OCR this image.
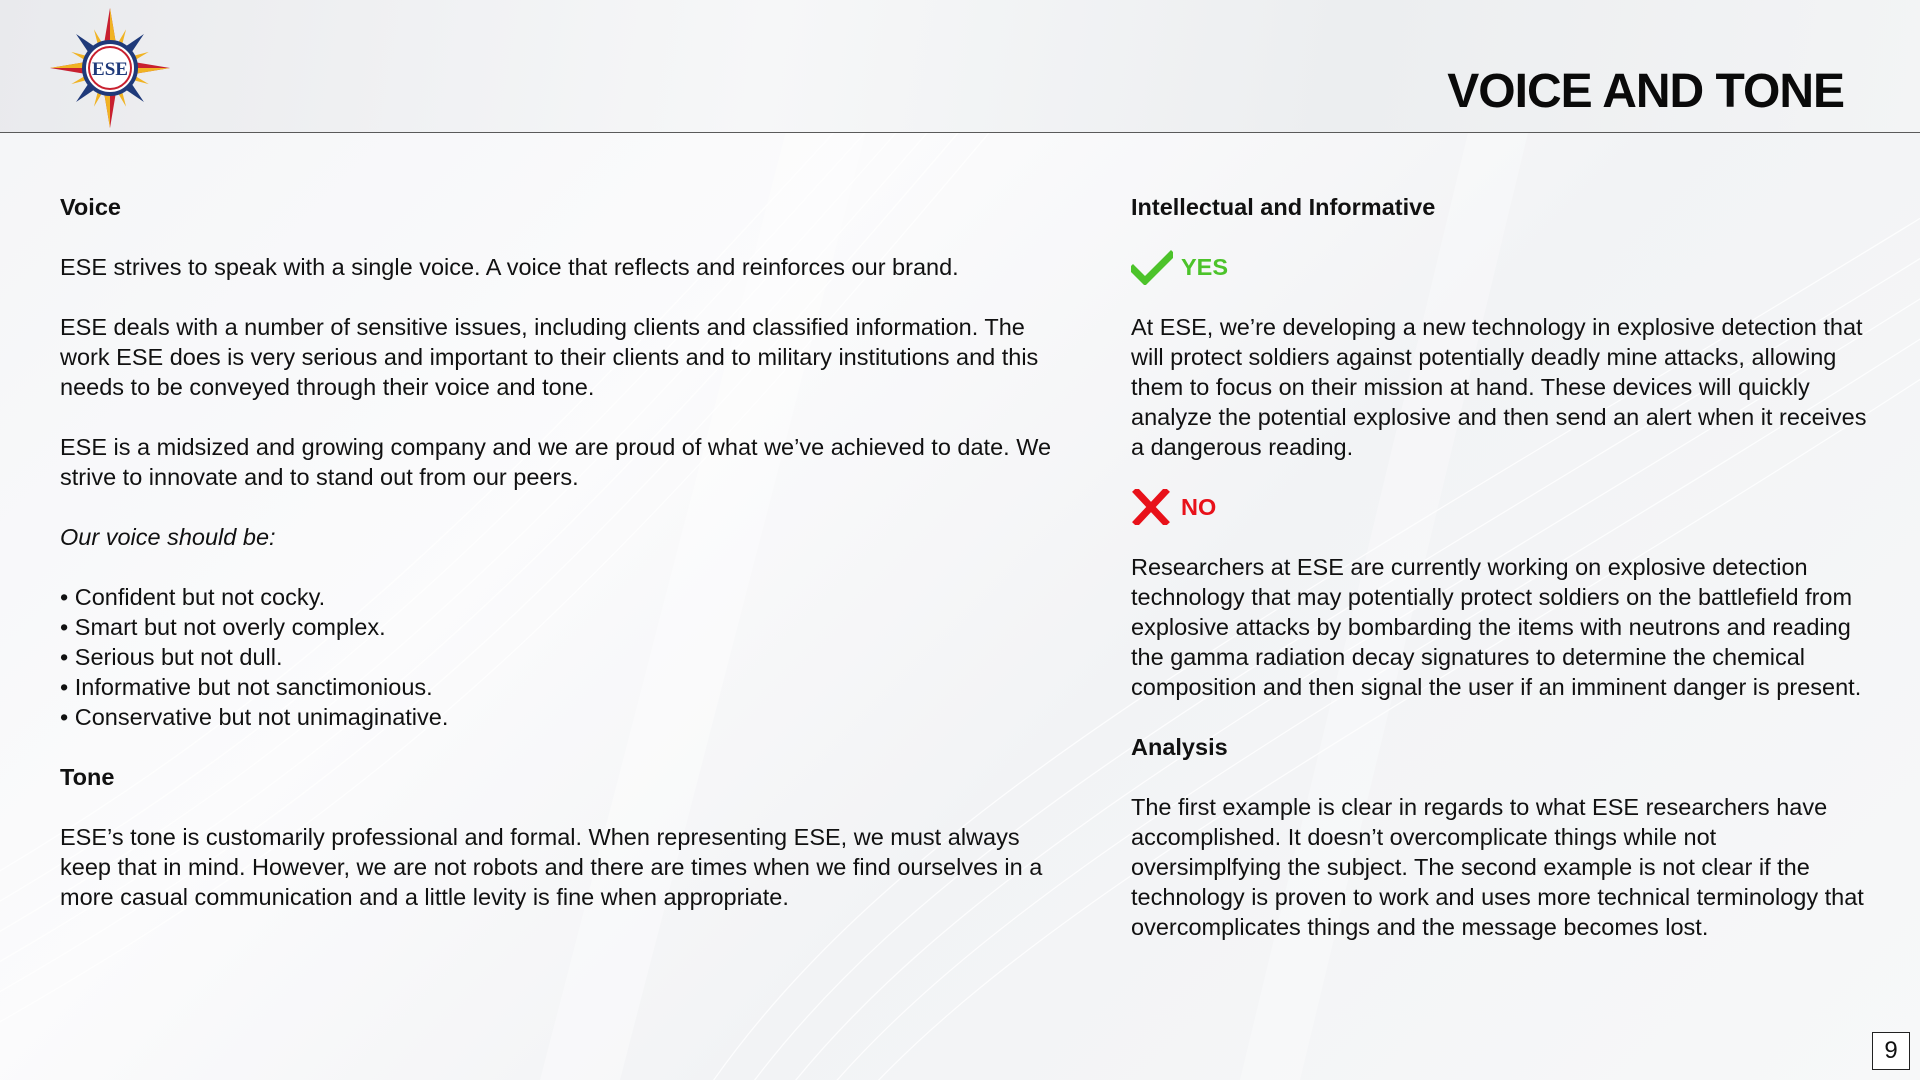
ESE	VOICE AND TONE
Voice

ESE strives to speak with a single voice. A voice that reflects and reinforces our brand.

ESE deals with a number of sensitive issues, including clients and classified information. The work ESE does is very serious and important to their clients and to military institutions and this needs to be conveyed through their voice and tone.

ESE is a midsized and growing company and we are proud of what we’ve achieved to date. We strive to innovate and to stand out from our peers.

Our voice should be:

• Confident but not cocky.
• Smart but not overly complex.
• Serious but not dull.
• Informative but not sanctimonious.
• Conservative but not unimaginative.
Tone

ESE’s tone is customarily professional and formal. When representing ESE, we must always keep that in mind. However, we are not robots and there are times when we find ourselves in a more casual communication and a little levity is fine when appropriate.

Intellectual and Informative
YES

At ESE, we’re developing a new technology in explosive detection that will protect soldiers against potentially deadly mine attacks, allowing them to focus on their mission at hand. These devices will quickly analyze the potential explosive and then send an alert when it receives a dangerous reading.

NO

Researchers at ESE are currently working on explosive detection technology that may potentially protect soldiers on the battlefield from explosive attacks by bombarding the items with neutrons and reading the gamma radiation decay signatures to determine the chemical composition and then signal the user if an imminent danger is present.

Analysis

The first example is clear in regards to what ESE researchers have accomplished. It doesn’t overcomplicate things while not oversimplfying the subject. The second example is not clear if the technology is proven to work and uses more technical terminology that overcomplicates things and the message becomes lost.

9
